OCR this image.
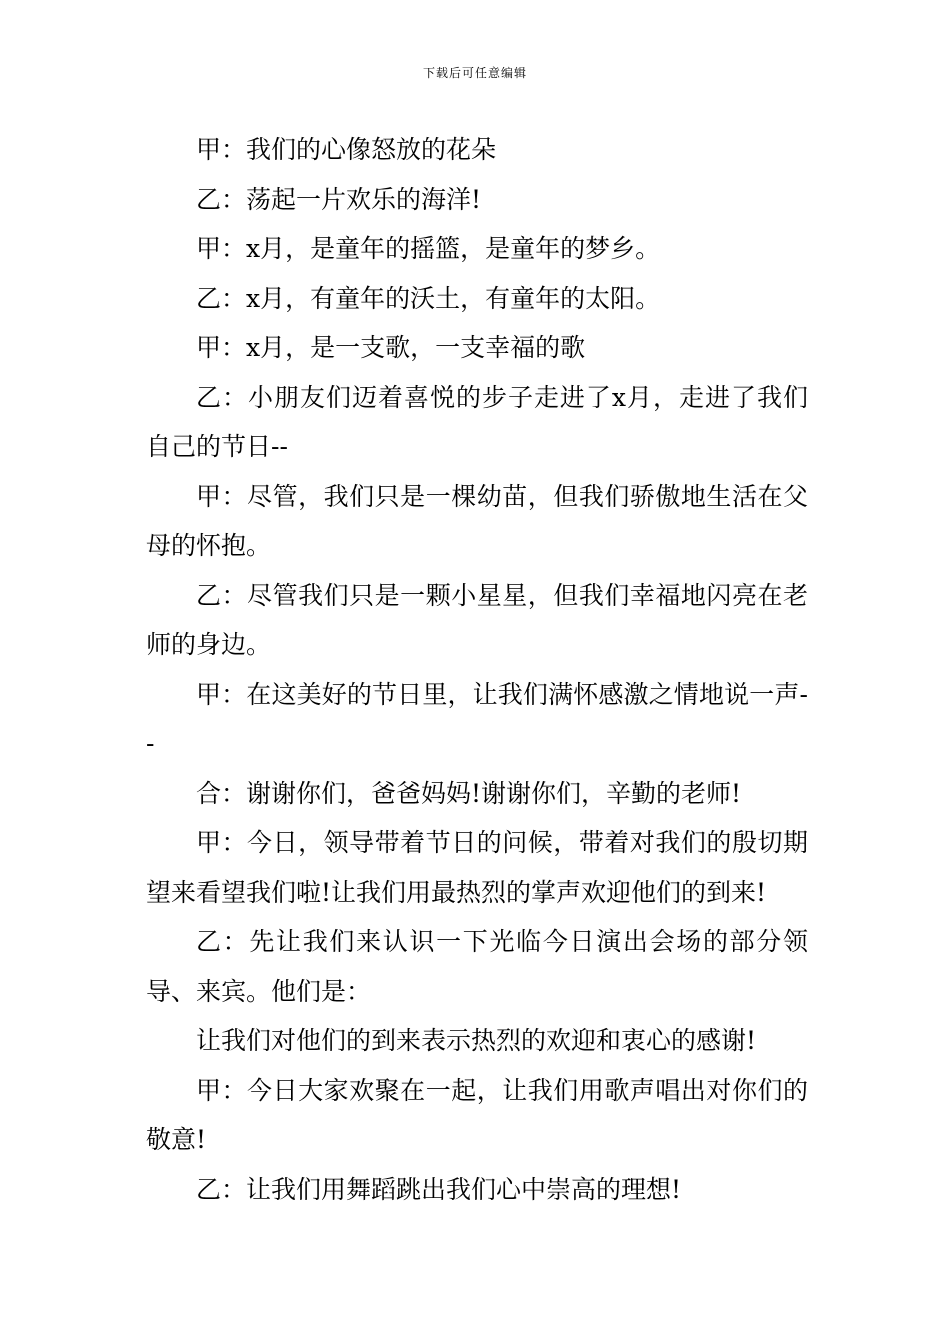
下载后可任意编辑

甲：我们的心像怒放的花朵

乙：荡起一片欢乐的海洋!

甲：x月，是童年的摇篮，是童年的梦乡。

乙：x月，有童年的沃土，有童年的太阳。

甲：x月，是一支歌，一支幸福的歌

乙：小朋友们迈着喜悦的步子走进了x月，走进了我们自己的节日--

甲：尽管，我们只是一棵幼苗，但我们骄傲地生活在父母的怀抱。

乙：尽管我们只是一颗小星星，但我们幸福地闪亮在老师的身边。

甲：在这美好的节日里，让我们满怀感激之情地说一声--

合：谢谢你们，爸爸妈妈!谢谢你们，辛勤的老师!

甲：今日，领导带着节日的问候，带着对我们的殷切期望来看望我们啦!让我们用最热烈的掌声欢迎他们的到来!

乙：先让我们来认识一下光临今日演出会场的部分领导、来宾。他们是：

让我们对他们的到来表示热烈的欢迎和衷心的感谢!

甲：今日大家欢聚在一起，让我们用歌声唱出对你们的敬意!

乙：让我们用舞蹈跳出我们心中崇高的理想!
